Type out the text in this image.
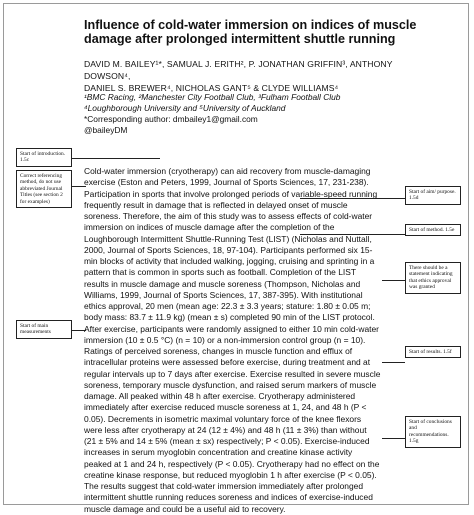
Influence of cold-water immersion on indices of muscle damage after prolonged intermittent shuttle running
DAVID M. BAILEY¹*, SAMUAL J. ERITH², P. JONATHAN GRIFFIN³, ANTHONY DOWSON⁴,
DANIEL S. BREWER⁴, NICHOLAS GANT⁵ & CLYDE WILLIAMS⁴
¹BMC Racing, ²Manchester City Football Club, ³Fulham Football Club
⁴Loughborough University and ⁵University of Auckland
*Corresponding author: dmbailey1@gmail.com
@baileyDM

Cold-water immersion (cryotherapy) can aid recovery from muscle-damaging exercise (Eston and Peters, 1999, Journal of Sports Sciences, 17, 231-238). Participation in sports that involve prolonged periods of variable-speed running frequently result in damage that is reflected in delayed onset of muscle soreness. Therefore, the aim of this study was to assess effects of cold-water immersion on indices of muscle damage after the completion of the Loughborough Intermittent Shuttle-Running Test (LIST) (Nicholas and Nuttall, 2000, Journal of Sports Sciences, 18, 97-104). Participants performed six 15-min blocks of activity that included walking, jogging, cruising and sprinting in a pattern that is common in sports such as football. Completion of the LIST results in muscle damage and muscle soreness (Thompson, Nicholas and Williams, 1999, Journal of Sports Sciences, 17, 387-395). With institutional ethics approval, 20 men (mean age: 22.3 ± 3.3 years; stature: 1.80 ± 0.05 m; body mass: 83.7 ± 11.9 kg) (mean ± s) completed 90 min of the LIST protocol. After exercise, participants were randomly assigned to either 10 min cold-water immersion (10 ± 0.5 °C) (n = 10) or a non-immersion control group (n = 10). Ratings of perceived soreness, changes in muscle function and efflux of intracellular proteins were assessed before exercise, during treatment and at regular intervals up to 7 days after exercise. Exercise resulted in severe muscle soreness, temporary muscle dysfunction, and raised serum markers of muscle damage. All peaked within 48 h after exercise. Cryotherapy administered immediately after exercise reduced muscle soreness at 1, 24, and 48 h (P < 0.05). Decrements in isometric maximal voluntary force of the knee flexors were less after cryotherapy at 24 (12 ± 4%) and 48 h (11 ± 3%) than without (21 ± 5% and 14 ± 5% (mean ± sx) respectively; P < 0.05). Exercise-induced increases in serum myoglobin concentration and creatine kinase activity peaked at 1 and 24 h, respectively (P < 0.05). Cryotherapy had no effect on the creatine kinase response, but reduced myoglobin 1 h after exercise (P < 0.05). The results suggest that cold-water immersion immediately after prolonged intermittent shuttle running reduces soreness and indices of exercise-induced muscle damage and could be a useful aid to recovery.

Start of introduction. 1.5c
Correct referencing method, do not use abbreviated Journal Titles (see section 2 for examples)
Start of main measurements
Start of aim/ purpose. 1.5d
Start of method. 1.5e
There should be a statement indicating that ethics approval was granted
Start of results. 1.5f
Start of conclusions and recommendations. 1.5g
